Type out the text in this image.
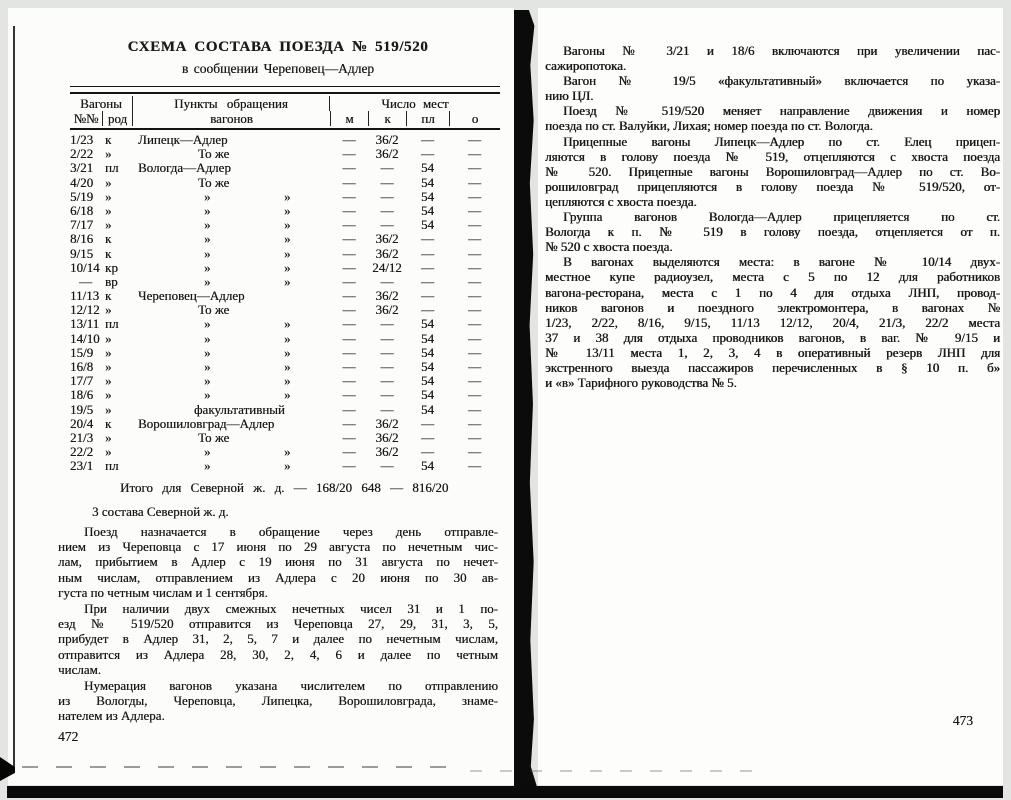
СХЕМА СОСТАВА ПОЕЗДА № 519/520
в сообщении Череповец—Адлер
Вагоны	Пункты обращения	Число мест
№№ род	вагонов	м	к	пл	о
1/23 к	Липецк—Адлер	—	36/2	—	—
2/22 »	То же	—	36/2	—	—
3/21 пл	Вологда—Адлер	—	—	54	—
4/20 »	То же	—	—	54	—
5/19 »	»	»	—	—	54	—
6/18 »	»	»	—	—	54	—
7/17 »	»	»	—	—	54	—
8/16 к	»	»	—	36/2	—	—
9/15 к	»	»	—	36/2	—	—
10/14 кр	»	»	—	24/12	—	—
—	вр	»	»	—	—	—	—
11/13 к	Череповец—Адлер	—	36/2	—	—
12/12 »	То же	—	36/2	—	—
13/11 пл	»	»	—	—	54	—
14/10 »	»	»	—	—	54	—
15/9 »	»	»	—	—	54	—
16/8 »	»	»	—	—	54	—
17/7 »	»	»	—	—	54	—
18/6 »	»	»	—	—	54	—
19/5 »	факультативный	—	—	54	—
20/4 к	Ворошиловград—Адлер	—	36/2	—	—
21/3 »	То же	—	36/2	—	—
22/2 »	»	»	—	36/2	—	—
23/1 пл	»	»	—	—	54	—
Итого для Северной ж. д. — 168/20 648 — 816/20
3 состава Северной ж. д.
Поезд назначается в обращение через день отправле-
нием из Череповца с 17 июня по 29 августа по нечетным чис-
лам, прибытием в Адлер с 19 июня по 31 августа по нечет-
ным числам, отправлением из Адлера с 20 июня по 30 ав-
густа по четным числам и 1 сентября.
При наличии двух смежных нечетных чисел 31 и 1 по-
езд № 519/520 отправится из Череповца 27, 29, 31, 3, 5,
прибудет в Адлер 31, 2, 5, 7 и далее по нечетным числам,
отправится из Адлера 28, 30, 2, 4, 6 и далее по четным
числам.
Нумерация вагонов указана числителем по отправлению
из Вологды, Череповца, Липецка, Ворошиловграда, знаме-
нателем из Адлера.
472
Вагоны № 3/21 и 18/6 включаются при увеличении пас-
сажиропотока.
Вагон № 19/5 «факультативный» включается по указа-
нию ЦЛ.
Поезд № 519/520 меняет направление движения и номер
поезда по ст. Валуйки, Лихая; номер поезда по ст. Вологда.
Прицепные вагоны Липецк—Адлер по ст. Елец прицеп-
ляются в голову поезда № 519, отцепляются с хвоста поезда
№ 520. Прицепные вагоны Ворошиловград—Адлер по ст. Во-
рошиловград прицепляются в голову поезда № 519/520, от-
цепляются с хвоста поезда.
Группа вагонов Вологда—Адлер прицепляется по ст.
Вологда к п. № 519 в голову поезда, отцепляется от п.
№ 520 с хвоста поезда.
В вагонах выделяются места: в вагоне № 10/14 двух-
местное купе радиоузел, места с 5 по 12 для работников
вагона-ресторана, места с 1 по 4 для отдыха ЛНП, провод-
ников вагонов и поездного электромонтера, в вагонах №
1/23, 2/22, 8/16, 9/15, 11/13 12/12, 20/4, 21/3, 22/2 места
37 и 38 для отдыха проводников вагонов, в ваг. № 9/15 и
№ 13/11 места 1, 2, 3, 4 в оперативный резерв ЛНП для
экстренного выезда пассажиров перечисленных в § 10 п. б»
и «в» Тарифного руководства № 5.
473
